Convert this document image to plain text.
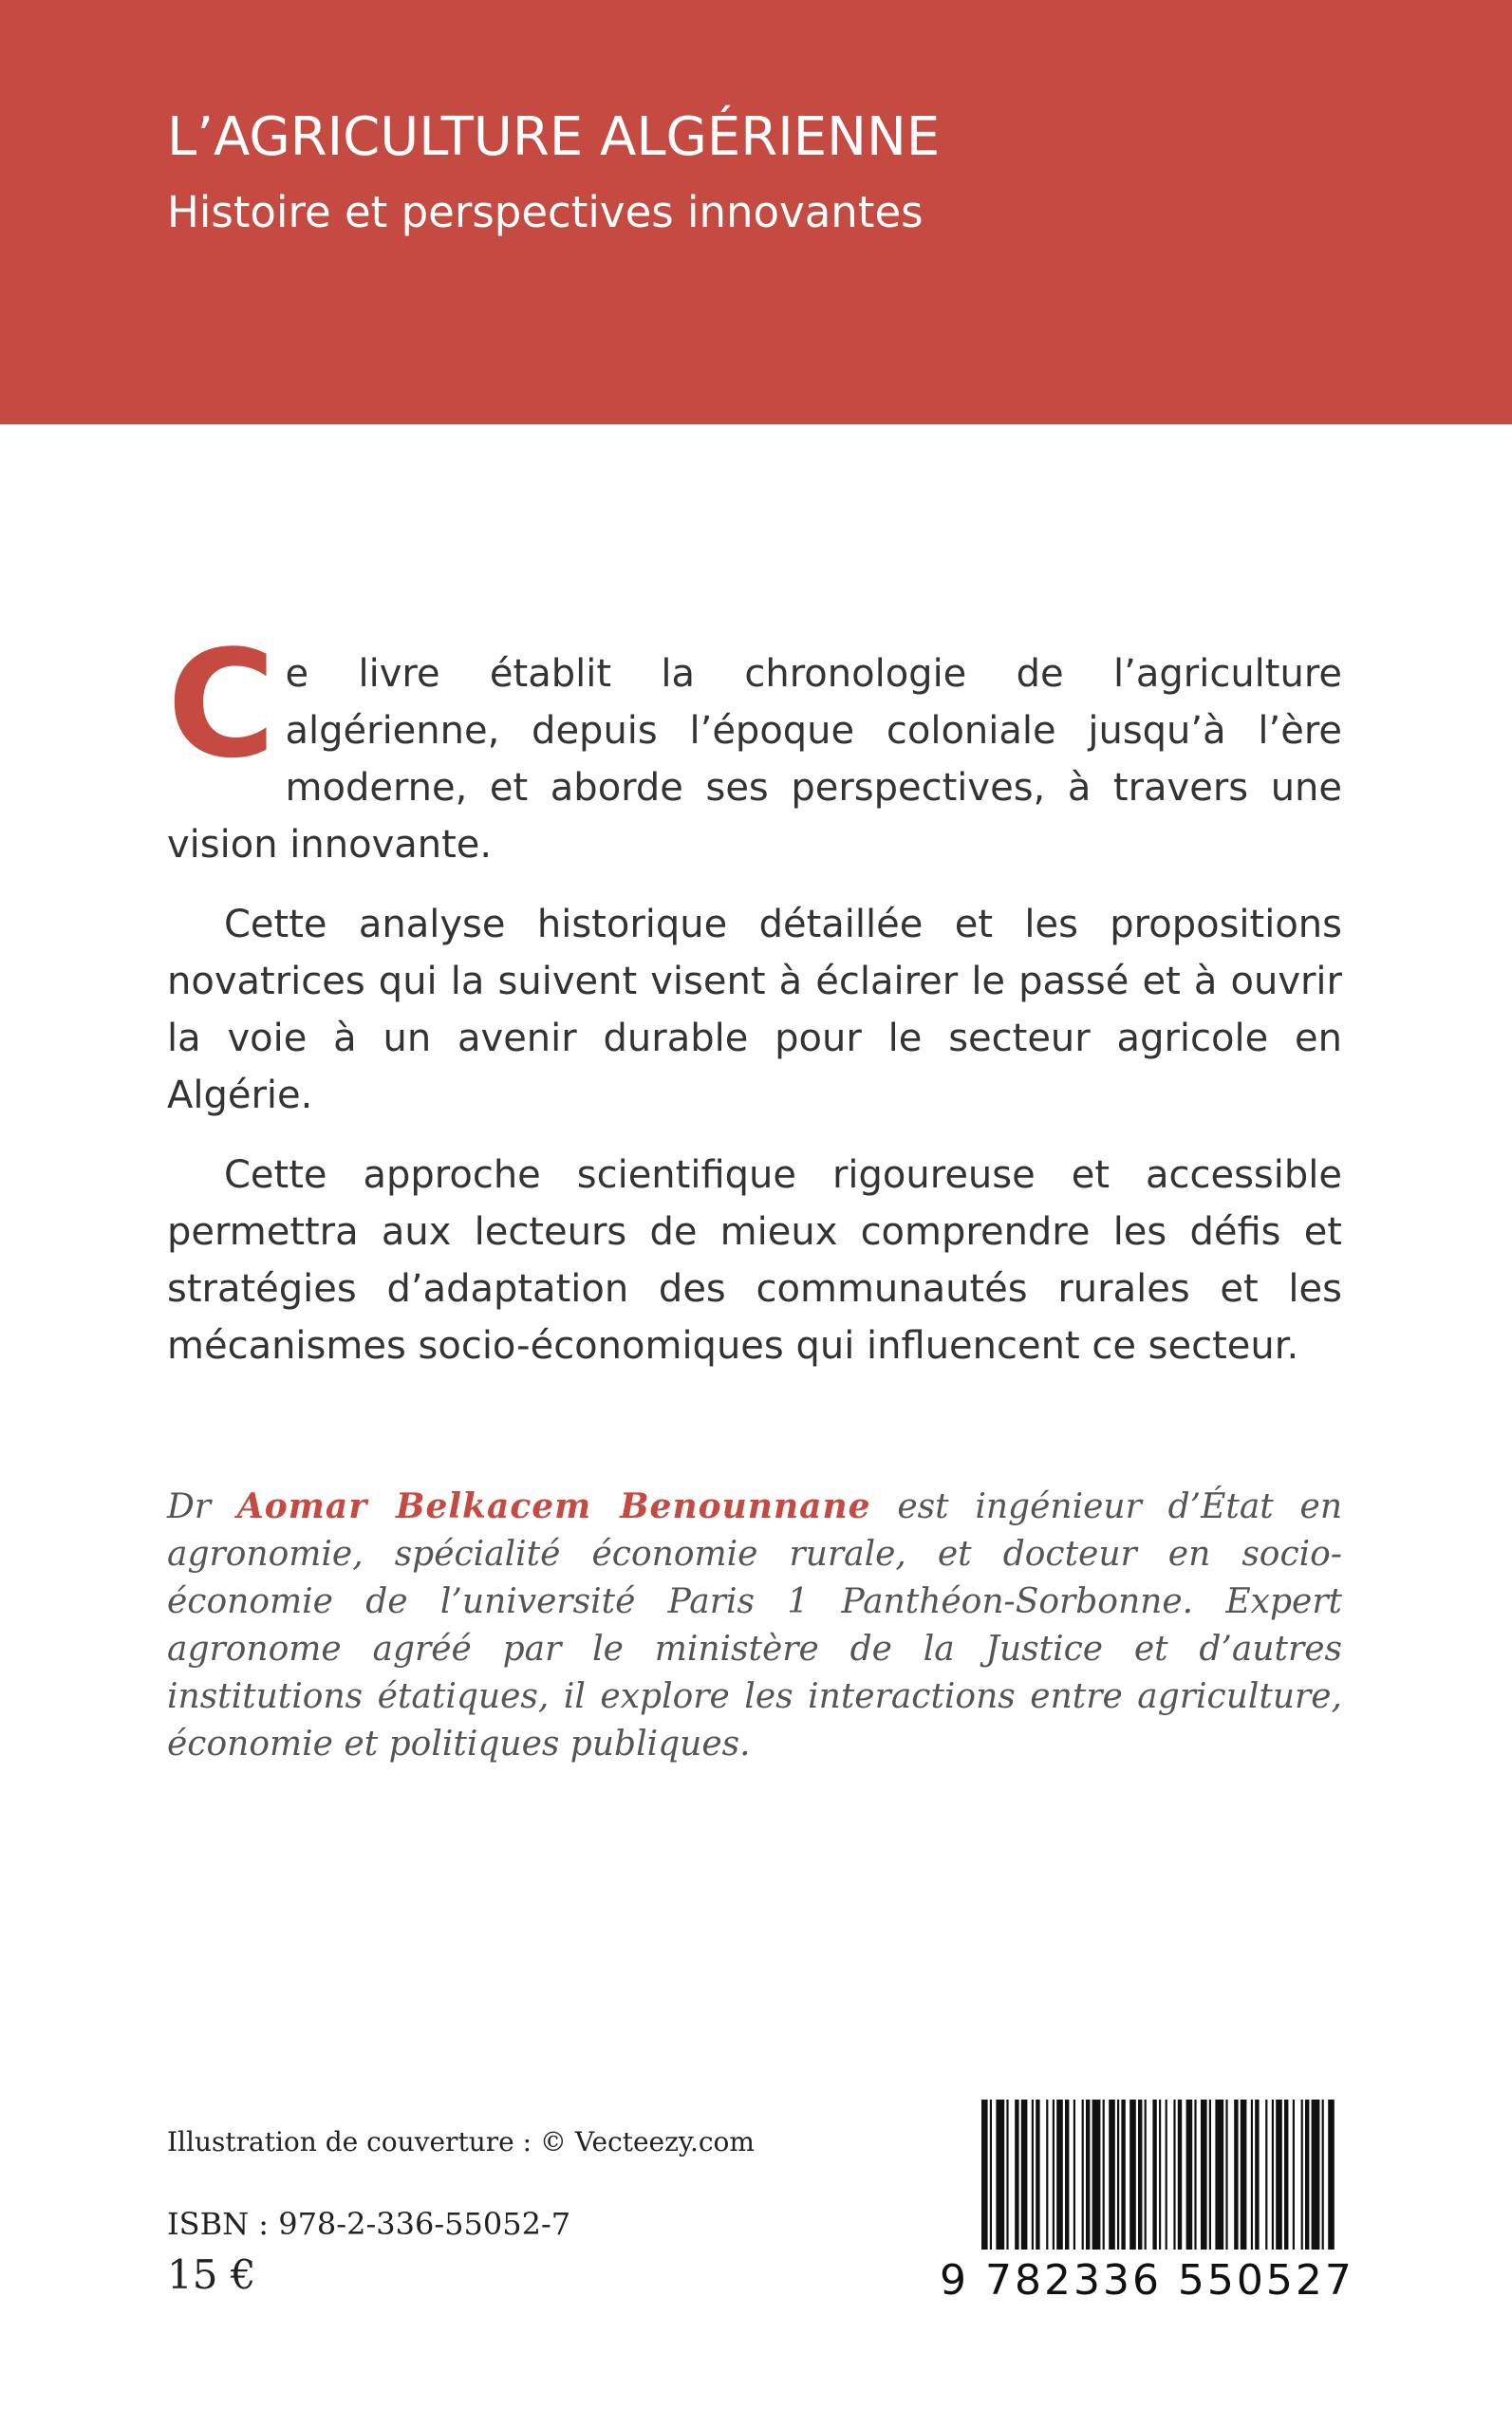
L’AGRICULTURE ALGÉRIENNE
Histoire et perspectives innovantes

Ce livre établit la chronologie de l’agriculture algérienne, depuis l’époque coloniale jusqu’à l’ère moderne, et aborde ses perspectives, à travers une vision innovante.

Cette analyse historique détaillée et les propositions novatrices qui la suivent visent à éclairer le passé et à ouvrir la voie à un avenir durable pour le secteur agricole en Algérie.

Cette approche scientifique rigoureuse et accessible permettra aux lecteurs de mieux comprendre les défis et stratégies d’adaptation des communautés rurales et les mécanismes socio-économiques qui influencent ce secteur.

Dr Aomar Belkacem Benounnane est ingénieur d’État en agronomie, spécialité économie rurale, et docteur en socio-économie de l’université Paris 1 Panthéon-Sorbonne. Expert agronome agréé par le ministère de la Justice et d’autres institutions étatiques, il explore les interactions entre agriculture, économie et politiques publiques.
Illustration de couverture : © Vecteezy.com
ISBN : 978-2-336-55052-7
15 €	9 782336 550527
